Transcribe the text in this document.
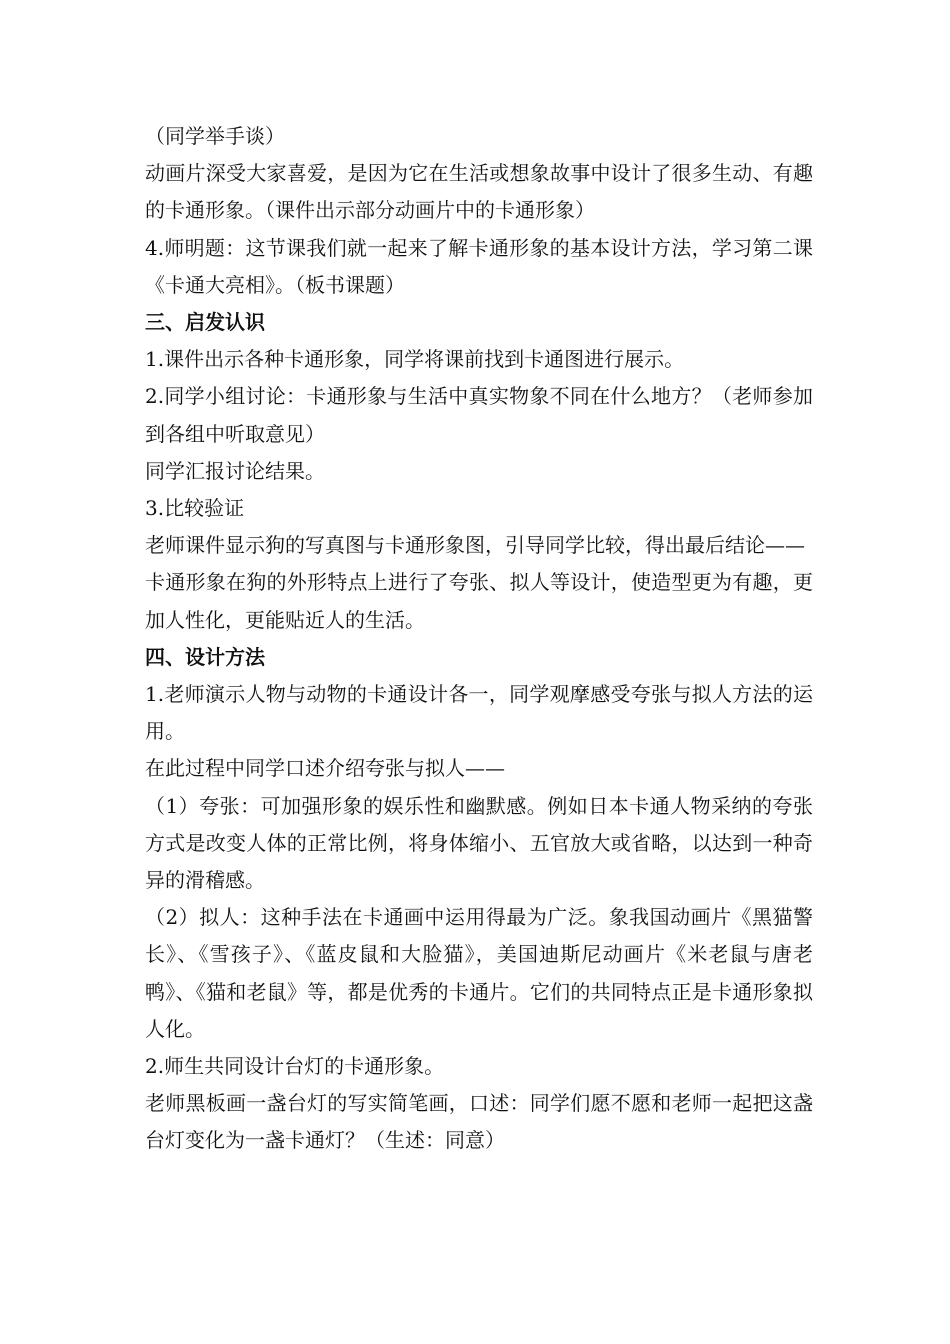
（同学举手谈）

动画片深受大家喜爱，是因为它在生活或想象故事中设计了很多生动、有趣的卡通形象。（课件出示部分动画片中的卡通形象）

4.师明题：这节课我们就一起来了解卡通形象的基本设计方法，学习第二课《卡通大亮相》。（板书课题）

三、启发认识

1.课件出示各种卡通形象，同学将课前找到卡通图进行展示。

2.同学小组讨论：卡通形象与生活中真实物象不同在什么地方？（老师参加到各组中听取意见）

同学汇报讨论结果。

3.比较验证

老师课件显示狗的写真图与卡通形象图，引导同学比较，得出最后结论——

卡通形象在狗的外形特点上进行了夸张、拟人等设计，使造型更为有趣，更加人性化，更能贴近人的生活。

四、设计方法

1.老师演示人物与动物的卡通设计各一，同学观摩感受夸张与拟人方法的运用。

在此过程中同学口述介绍夸张与拟人——

（1）夸张：可加强形象的娱乐性和幽默感。例如日本卡通人物采纳的夸张方式是改变人体的正常比例，将身体缩小、五官放大或省略，以达到一种奇异的滑稽感。

（2）拟人：这种手法在卡通画中运用得最为广泛。象我国动画片《黑猫警长》、《雪孩子》、《蓝皮鼠和大脸猫》，美国迪斯尼动画片《米老鼠与唐老鸭》、《猫和老鼠》等，都是优秀的卡通片。它们的共同特点正是卡通形象拟人化。

2.师生共同设计台灯的卡通形象。

老师黑板画一盏台灯的写实简笔画，口述：同学们愿不愿和老师一起把这盏台灯变化为一盏卡通灯？（生述：同意）
